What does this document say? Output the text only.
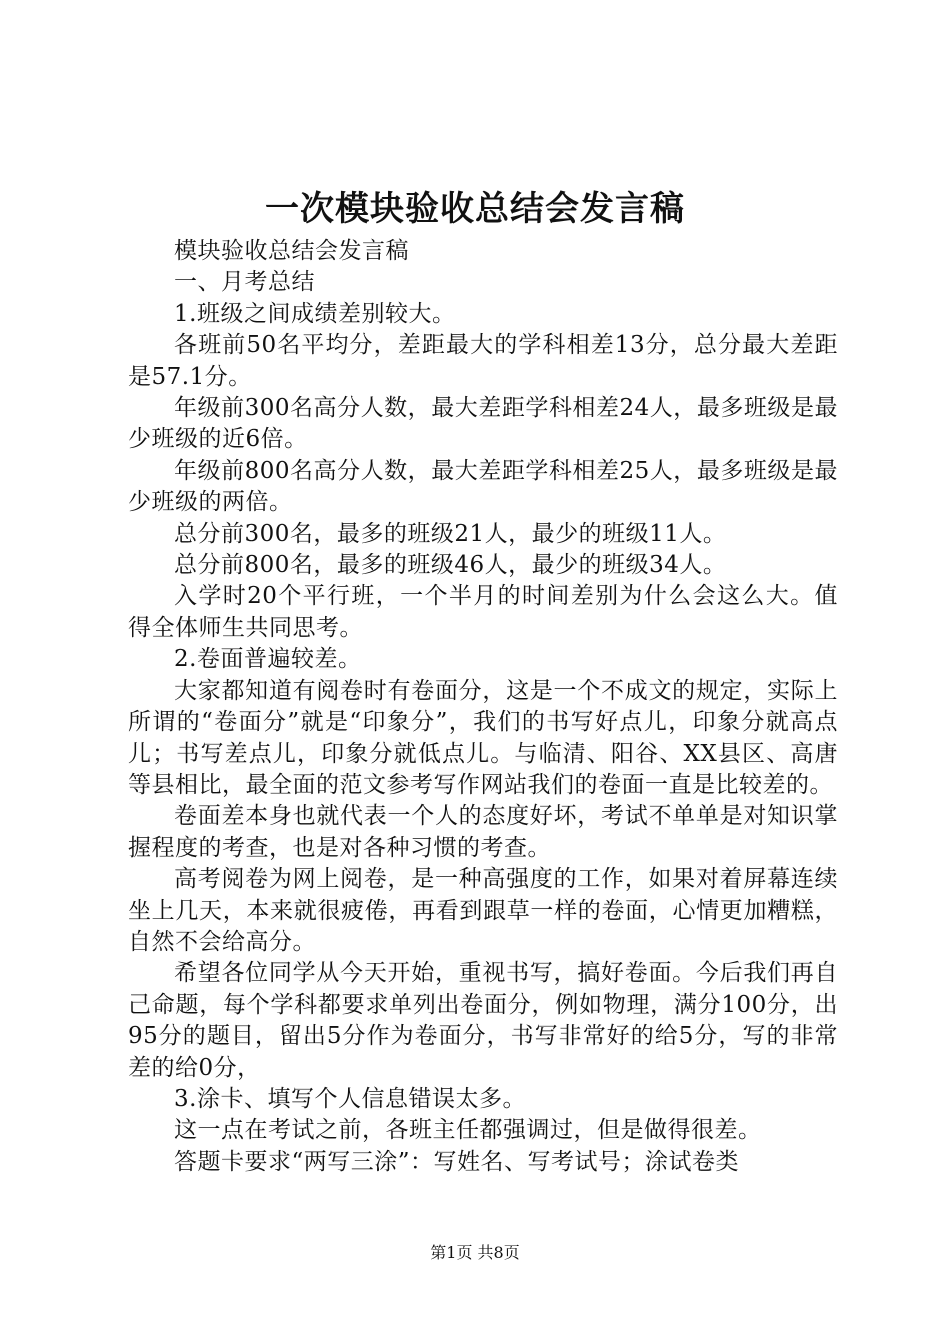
一次模块验收总结会发言稿

模块验收总结会发言稿

一、月考总结

1.班级之间成绩差别较大。

各班前50名平均分，差距最大的学科相差13分，总分最大差距是57.1分。

年级前300名高分人数，最大差距学科相差24人，最多班级是最少班级的近6倍。

年级前800名高分人数，最大差距学科相差25人，最多班级是最少班级的两倍。

总分前300名，最多的班级21人，最少的班级11人。

总分前800名，最多的班级46人，最少的班级34人。

入学时20个平行班，一个半月的时间差别为什么会这么大。值得全体师生共同思考。

2.卷面普遍较差。

大家都知道有阅卷时有卷面分，这是一个不成文的规定，实际上所谓的“卷面分”就是“印象分”，我们的书写好点儿，印象分就高点儿；书写差点儿，印象分就低点儿。与临清、阳谷、XX县区、高唐等县相比，最全面的范文参考写作网站我们的卷面一直是比较差的。

卷面差本身也就代表一个人的态度好坏，考试不单单是对知识掌握程度的考查，也是对各种习惯的考查。

高考阅卷为网上阅卷，是一种高强度的工作，如果对着屏幕连续坐上几天，本来就很疲倦，再看到跟草一样的卷面，心情更加糟糕，自然不会给高分。

希望各位同学从今天开始，重视书写，搞好卷面。今后我们再自己命题，每个学科都要求单列出卷面分，例如物理，满分100分，出95分的题目，留出5分作为卷面分，书写非常好的给5分，写的非常差的给0分，

3.涂卡、填写个人信息错误太多。

这一点在考试之前，各班主任都强调过，但是做得很差。

答题卡要求“两写三涂”：写姓名、写考试号；涂试卷类

第1页 共8页
